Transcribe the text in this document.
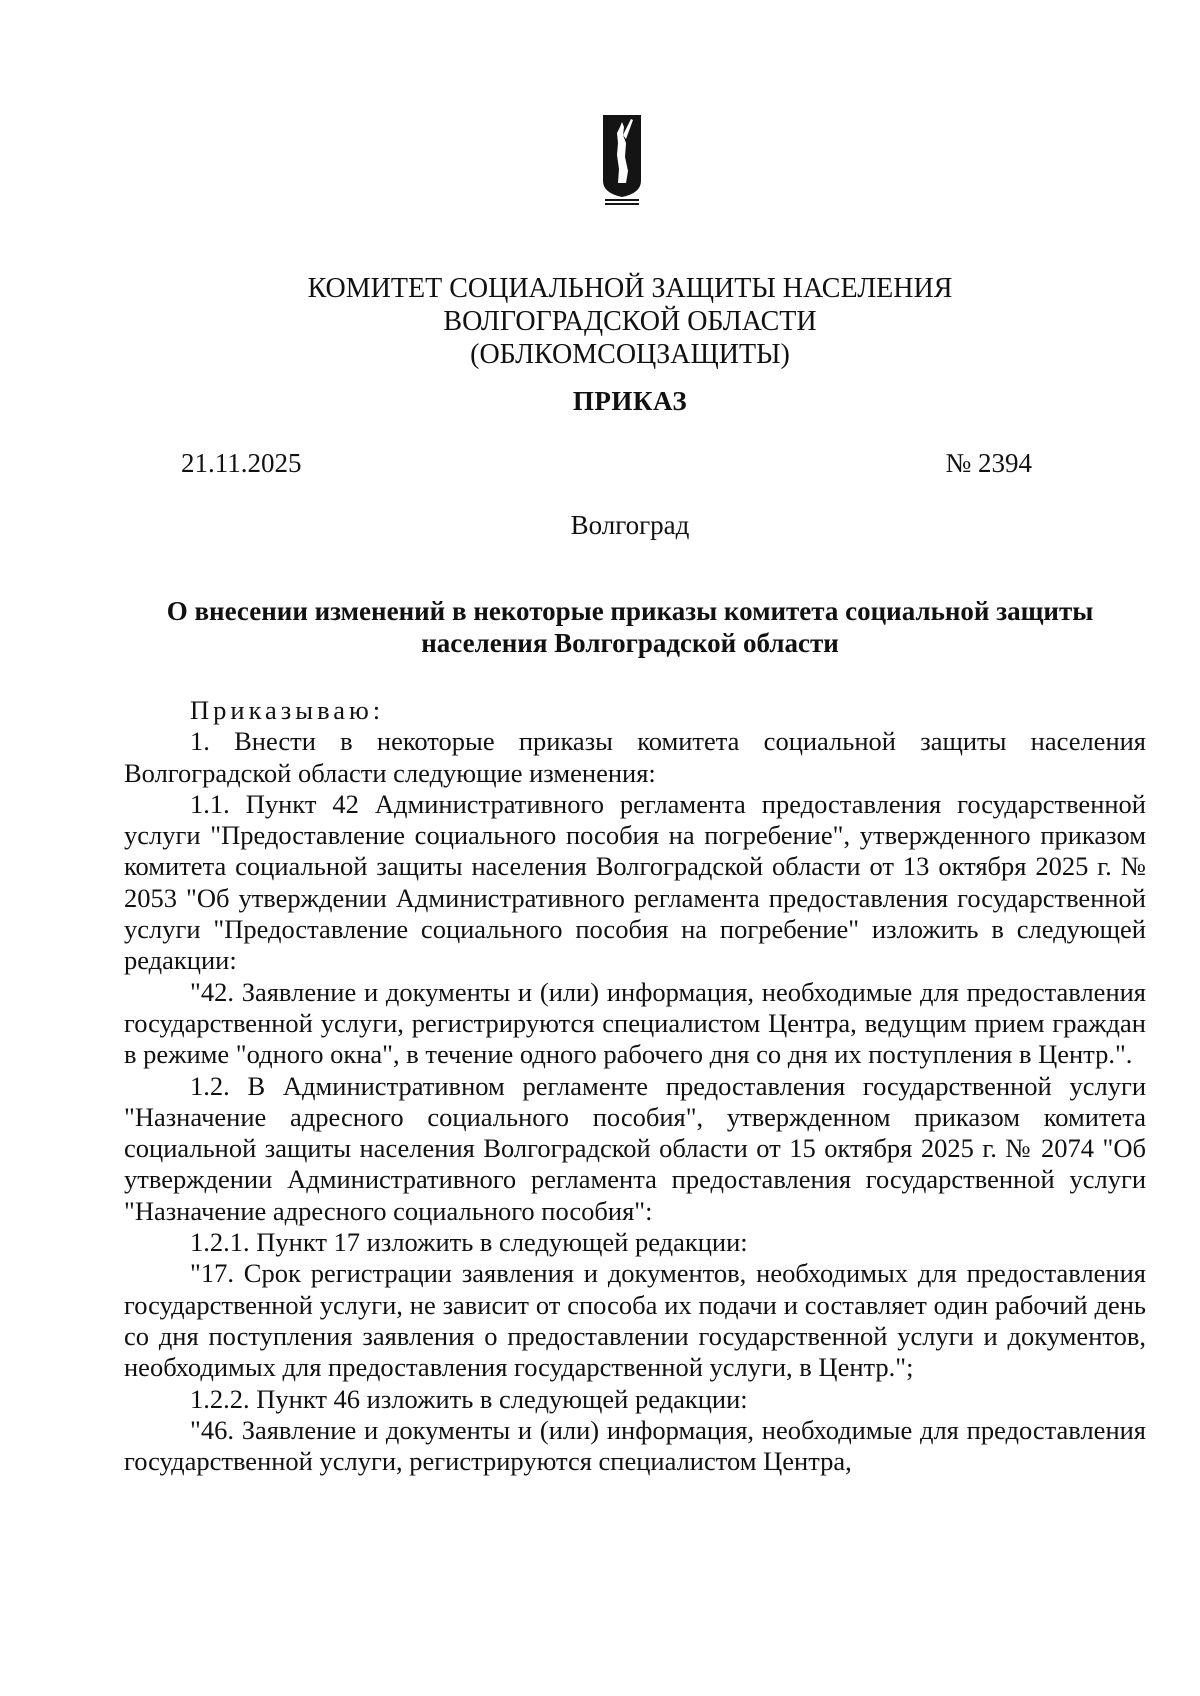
КОМИТЕТ СОЦИАЛЬНОЙ ЗАЩИТЫ НАСЕЛЕНИЯ
ВОЛГОГРАДСКОЙ ОБЛАСТИ
(ОБЛКОМСОЦЗАЩИТЫ)
ПРИКАЗ
21.11.2025	№ 2394
Волгоград
О внесении изменений в некоторые приказы комитета социальной защиты
населения Волгоградской области

Приказываю:

1. Внести в некоторые приказы комитета социальной защиты населения Волгоградской области следующие изменения:

1.1. Пункт 42 Административного регламента предоставления государственной услуги "Предоставление социального пособия на погребение", утвержденного приказом комитета социальной защиты населения Волгоградской области от 13 октября 2025 г. № 2053 "Об утверждении Административного регламента предоставления государственной услуги "Предоставление социального пособия на погребение" изложить в следующей редакции:

"42. Заявление и документы и (или) информация, необходимые для предоставления государственной услуги, регистрируются специалистом Центра, ведущим прием граждан в режиме "одного окна", в течение одного рабочего дня со дня их поступления в Центр.".

1.2. В Административном регламенте предоставления государственной услуги "Назначение адресного социального пособия", утвержденном приказом комитета социальной защиты населения Волгоградской области от 15 октября 2025 г. № 2074 "Об утверждении Административного регламента предоставления государственной услуги "Назначение адресного социального пособия":

1.2.1. Пункт 17 изложить в следующей редакции:

"17. Срок регистрации заявления и документов, необходимых для предоставления государственной услуги, не зависит от способа их подачи и составляет один рабочий день со дня поступления заявления о предоставлении государственной услуги и документов, необходимых для предоставления государственной услуги, в Центр.";

1.2.2. Пункт 46 изложить в следующей редакции:

"46. Заявление и документы и (или) информация, необходимые для предоставления государственной услуги, регистрируются специалистом Центра,
